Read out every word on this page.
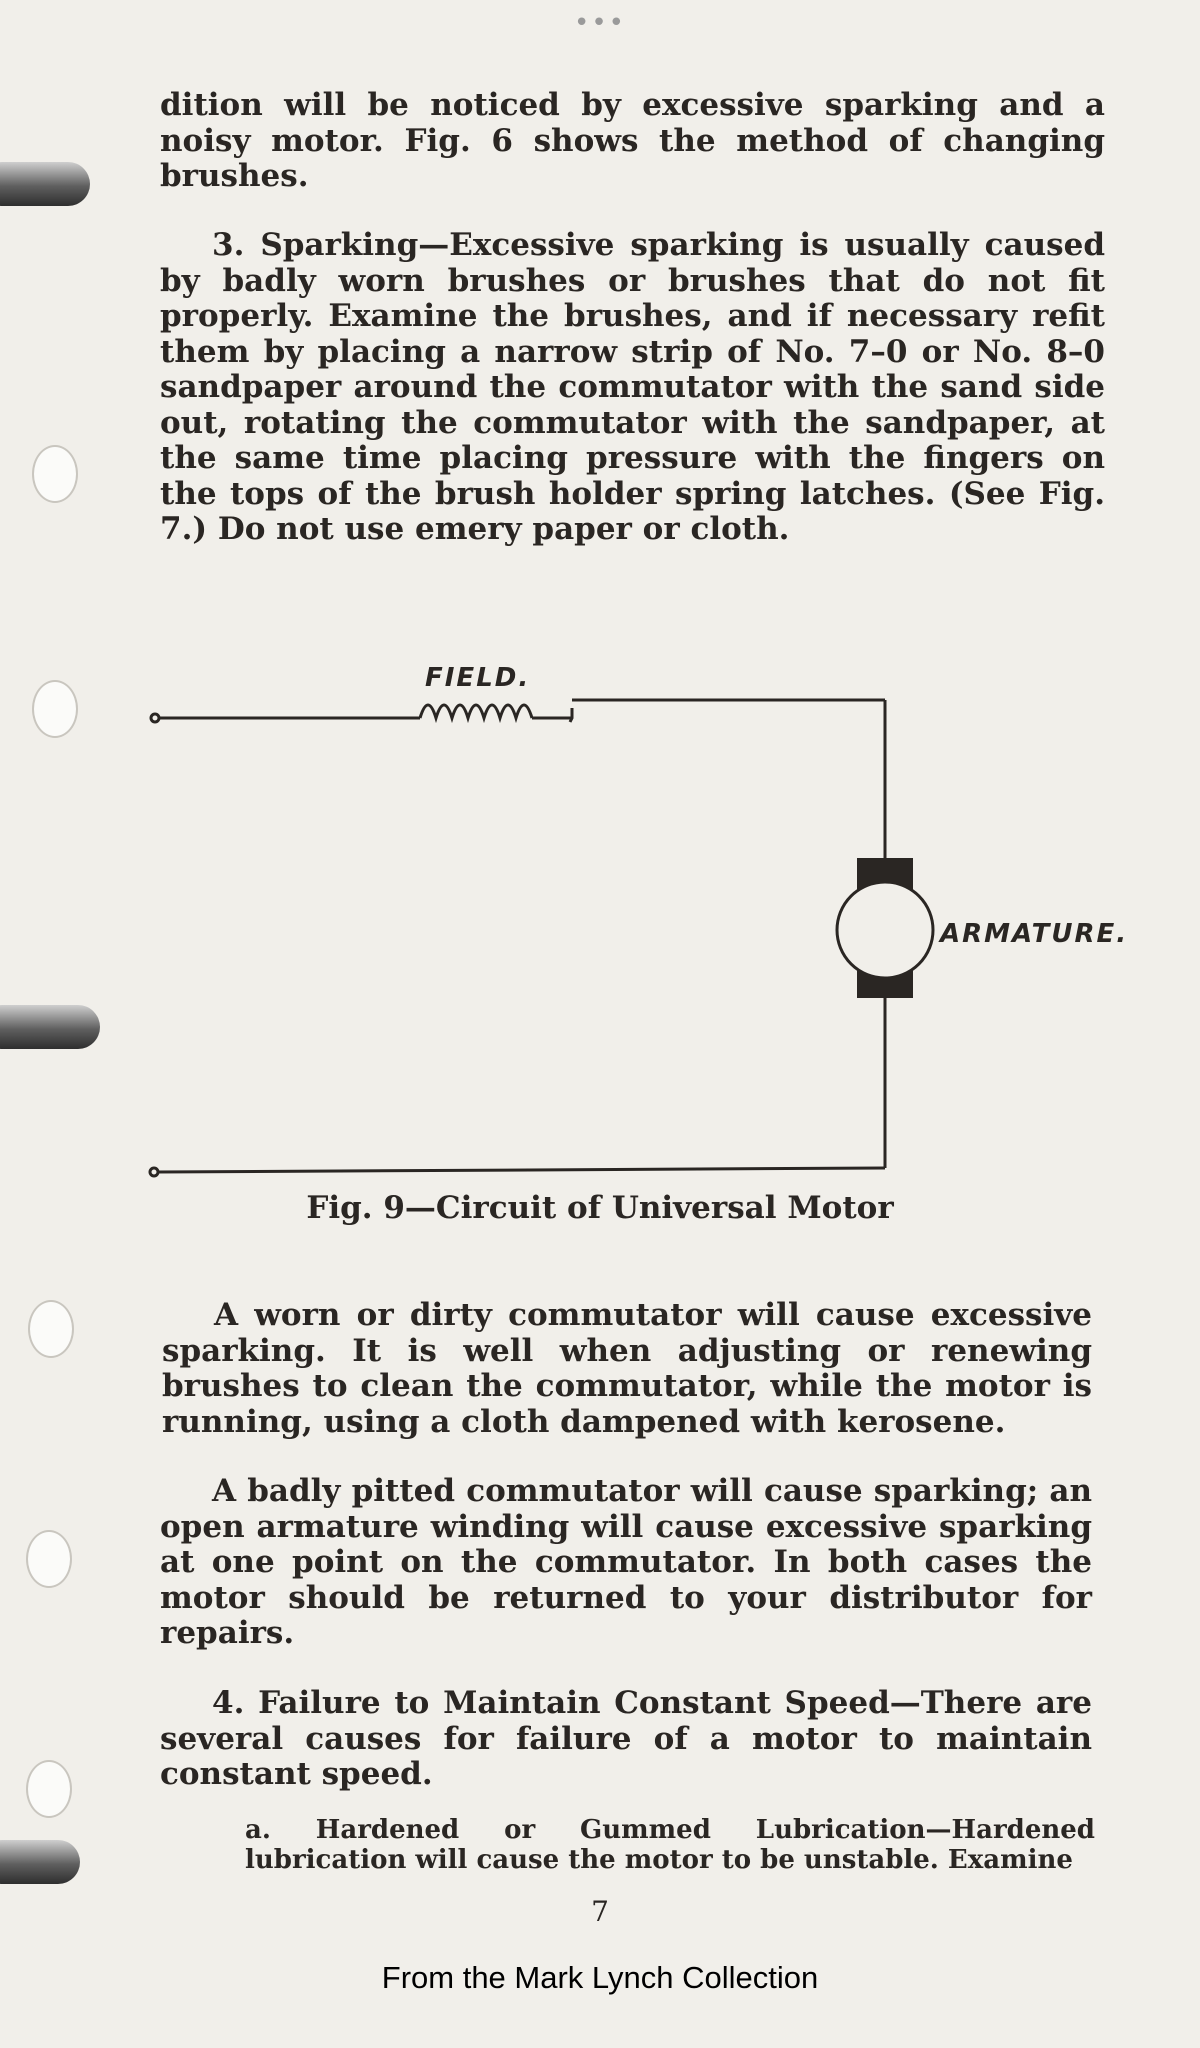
•••
dition will be noticed by excessive sparking and a noisy motor. Fig. 6 shows the method of changing brushes.
3. Sparking—Excessive sparking is usually caused by badly worn brushes or brushes that do not fit properly. Examine the brushes, and if necessary refit them by placing a narrow strip of No. 7–0 or No. 8–0 sandpaper around the commutator with the sand side out, rotating the commutator with the sandpaper, at the same time placing pressure with the fingers on the tops of the brush holder spring latches. (See Fig. 7.) Do not use emery paper or cloth.
FIELD.
ARMATURE.
Fig. 9—Circuit of Universal Motor
A worn or dirty commutator will cause excessive sparking. It is well when adjusting or renewing brushes to clean the commutator, while the motor is running, using a cloth dampened with kerosene.
A badly pitted commutator will cause sparking; an open armature winding will cause excessive sparking at one point on the commutator. In both cases the motor should be returned to your distributor for repairs.
4. Failure to Maintain Constant Speed—There are several causes for failure of a motor to maintain constant speed.
a. Hardened or Gummed Lubrication—Hardened lubrication will cause the motor to be unstable. Examine
7
From the Mark Lynch Collection
